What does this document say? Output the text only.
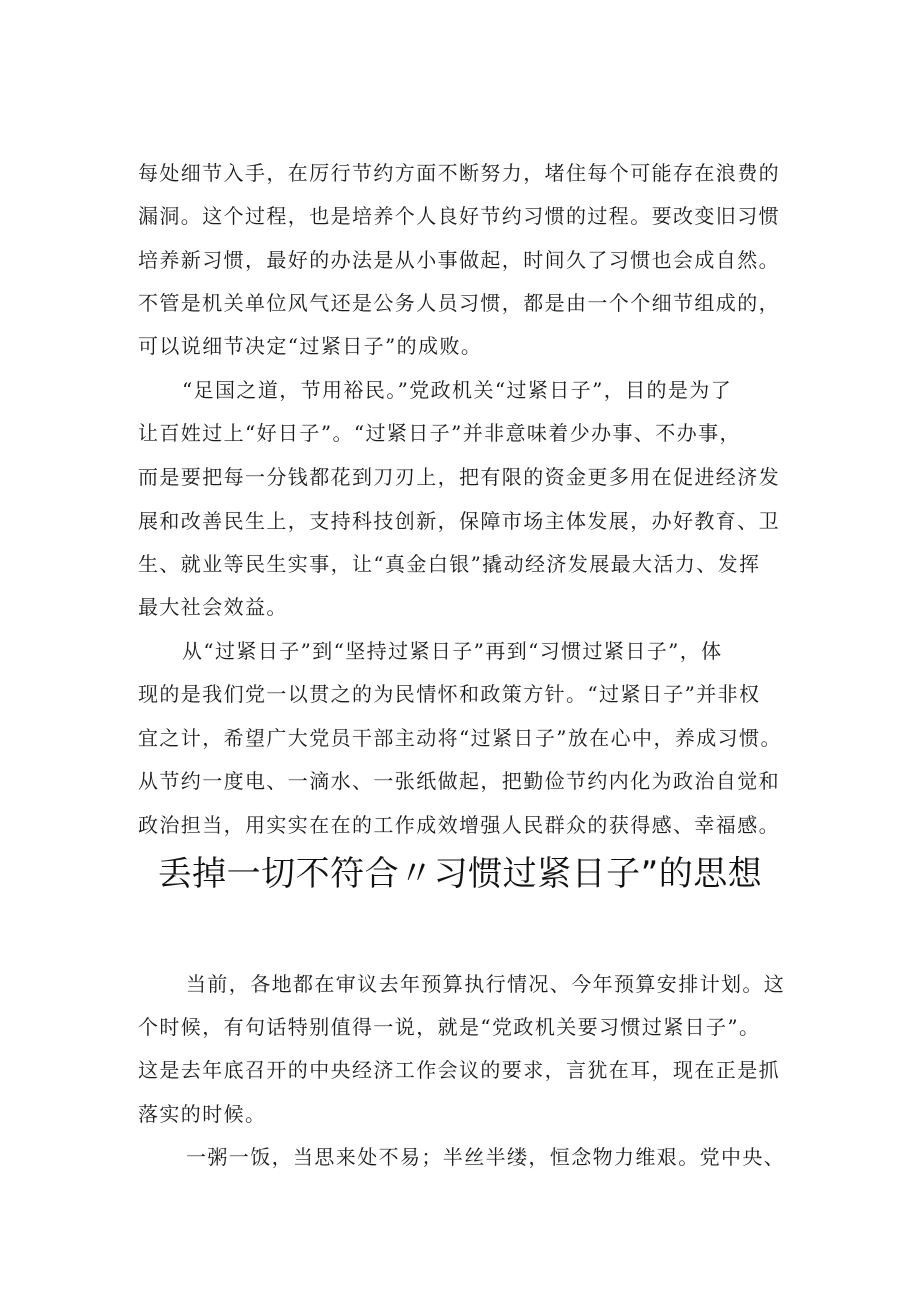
每处细节入手，在厉行节约方面不断努力，堵住每个可能存在浪费的
漏洞。这个过程，也是培养个人良好节约习惯的过程。要改变旧习惯
培养新习惯，最好的办法是从小事做起，时间久了习惯也会成自然。
不管是机关单位风气还是公务人员习惯，都是由一个个细节组成的，
可以说细节决定“过紧日子”的成败。
“足国之道，节用裕民。”党政机关“过紧日子”，目的是为了
让百姓过上“好日子”。“过紧日子”并非意味着少办事、不办事，
而是要把每一分钱都花到刀刃上，把有限的资金更多用在促进经济发
展和改善民生上，支持科技创新，保障市场主体发展，办好教育、卫
生、就业等民生实事，让“真金白银”撬动经济发展最大活力、发挥
最大社会效益。
从“过紧日子”到“坚持过紧日子”再到“习惯过紧日子”，体
现的是我们党一以贯之的为民情怀和政策方针。“过紧日子”并非权
宜之计，希望广大党员干部主动将“过紧日子”放在心中，养成习惯。
从节约一度电、一滴水、一张纸做起，把勤俭节约内化为政治自觉和
政治担当，用实实在在的工作成效增强人民群众的获得感、幸福感。
丢掉一切不符合〃习惯过紧日子”的思想
当前，各地都在审议去年预算执行情况、今年预算安排计划。这
个时候，有句话特别值得一说，就是“党政机关要习惯过紧日子”。
这是去年底召开的中央经济工作会议的要求，言犹在耳，现在正是抓
落实的时候。
一粥一饭，当思来处不易；半丝半缕，恒念物力维艰。党中央、
